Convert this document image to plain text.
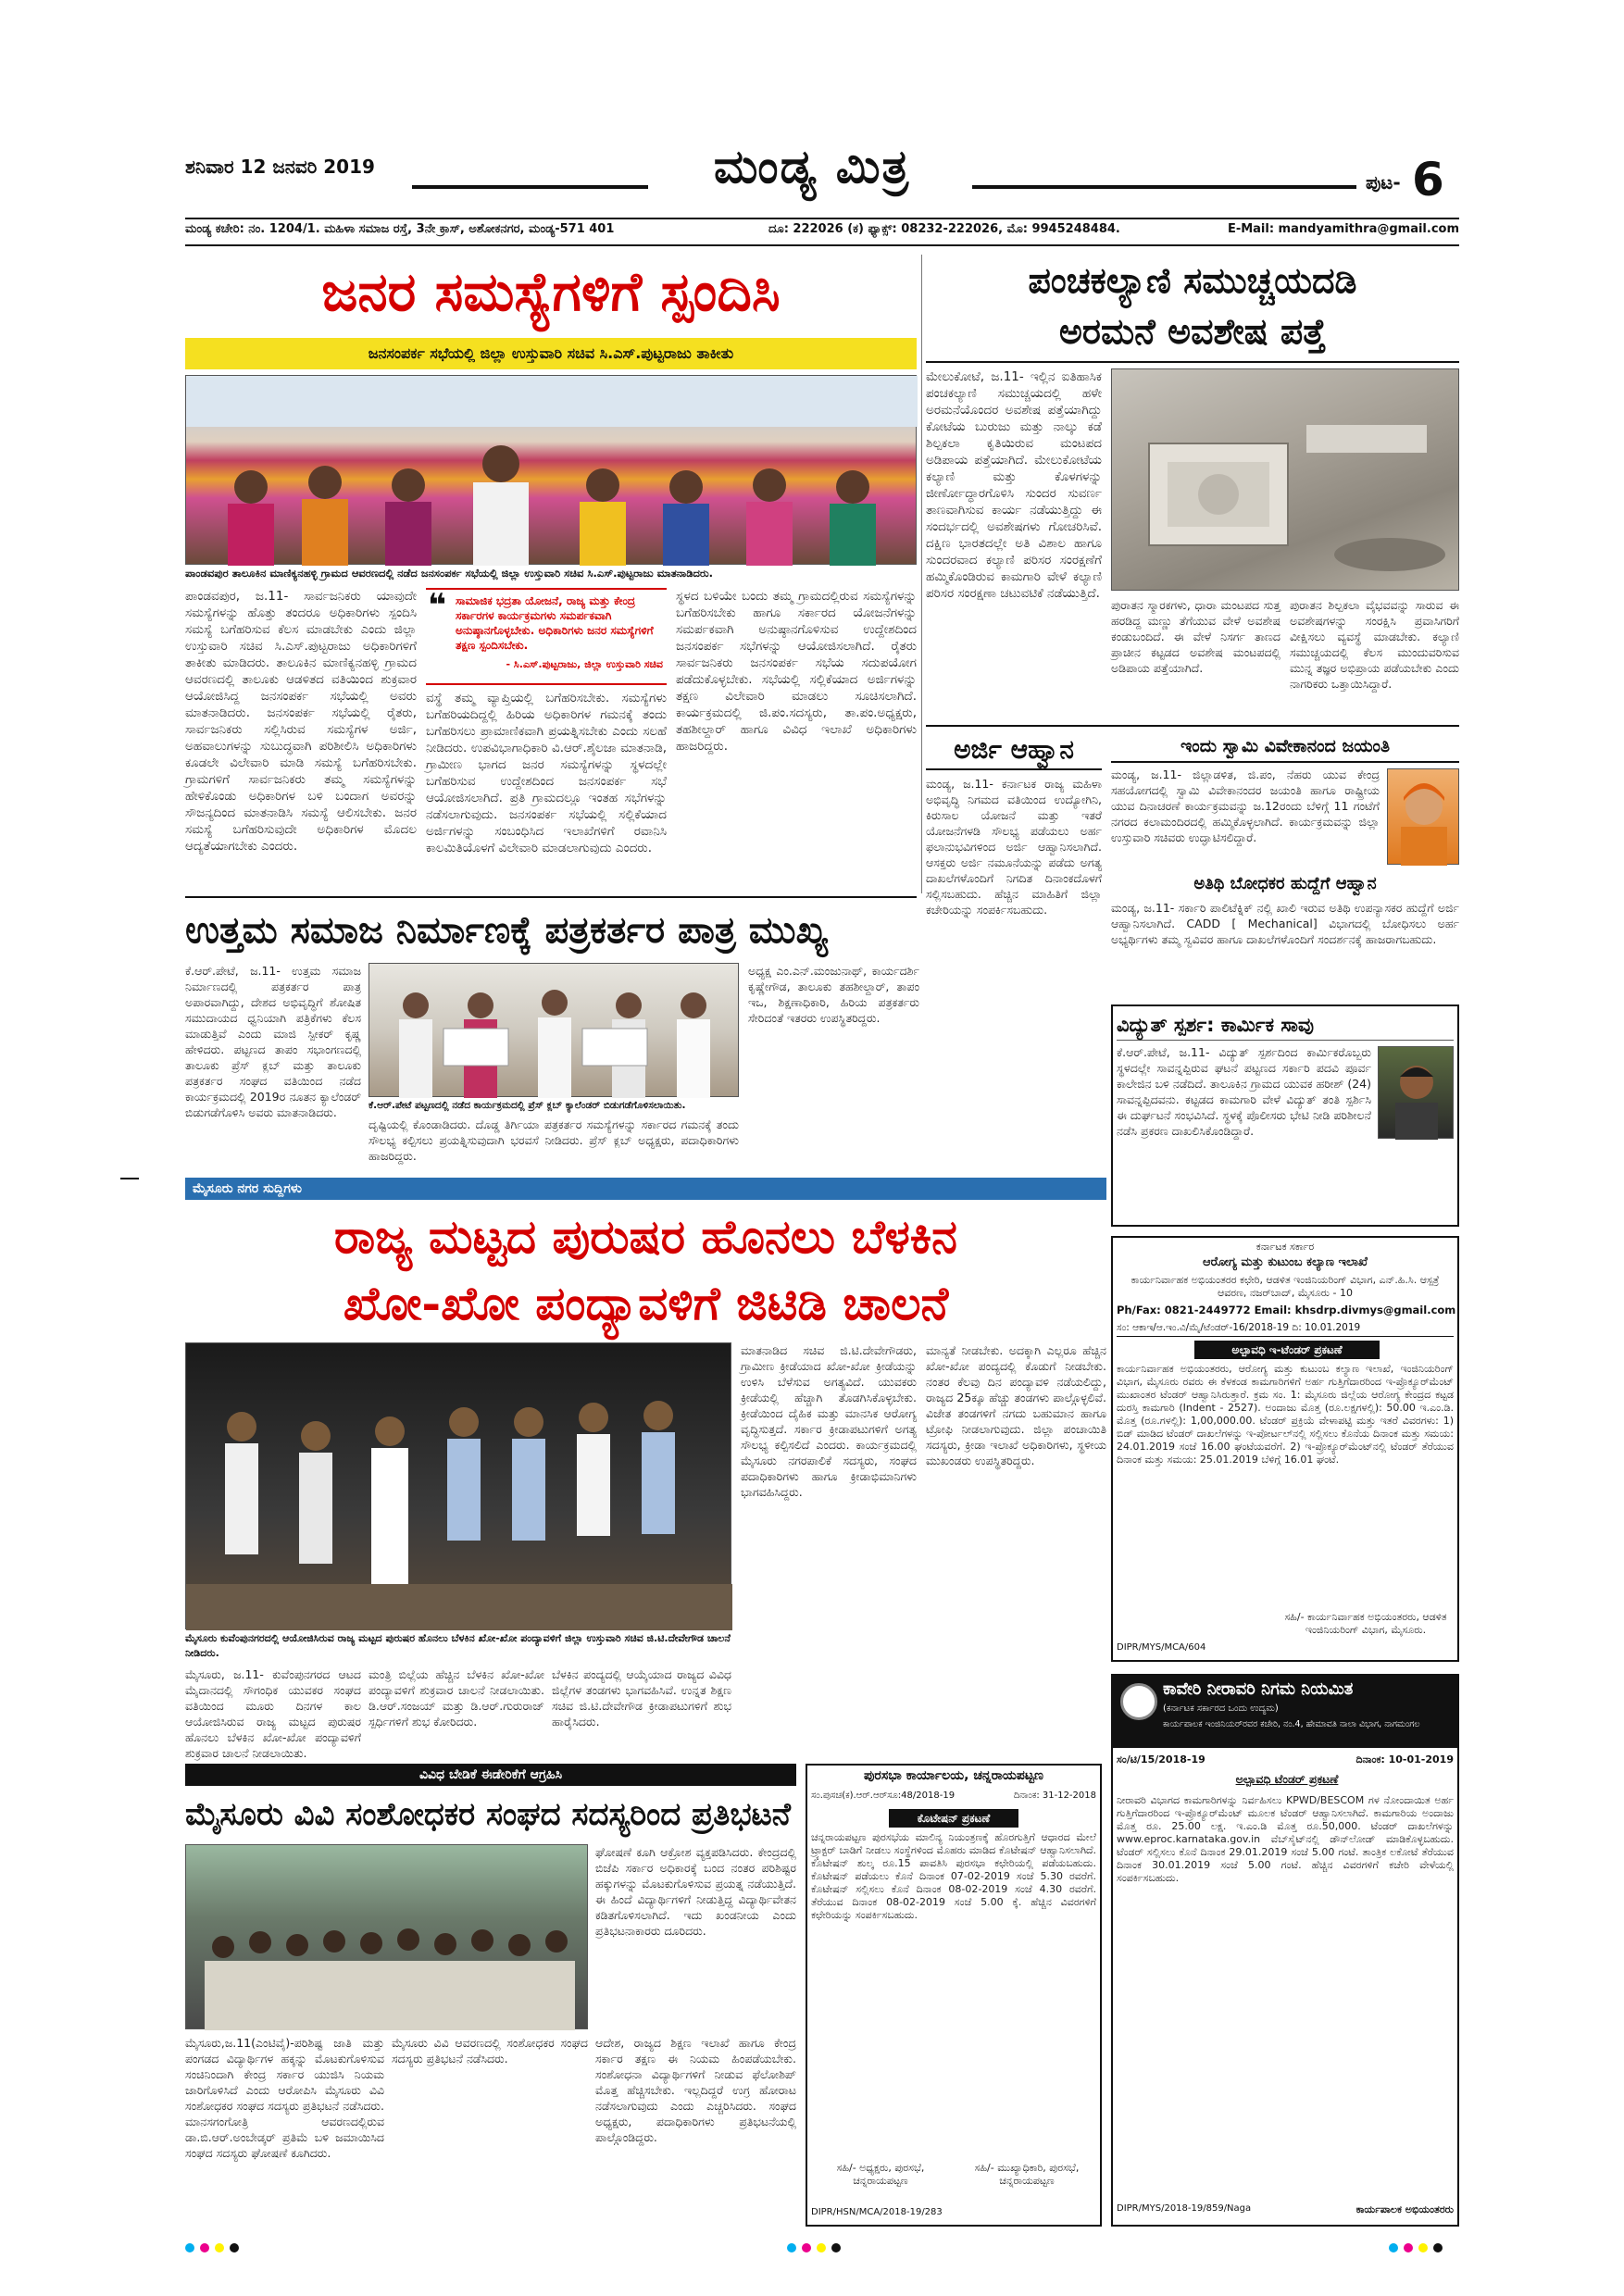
ಶನಿವಾರ 12 ಜನವರಿ 2019	ಮಂಡ್ಯ ಮಿತ್ರ	ಪುಟ- 6
ಮಂಡ್ಯ ಕಚೇರಿ: ನಂ. 1204/1. ಮಹಿಳಾ ಸಮಾಜ ರಸ್ತೆ, 3ನೇ ಕ್ರಾಸ್, ಅಶೋಕನಗರ, ಮಂಡ್ಯ-571 401	ದೂ: 222026 (ಕ) ಫ್ಯಾಕ್ಸ್: 08232-222026, ಮೊ: 9945248484.	E-Mail: mandyamithra@gmail.com
ಜನರ ಸಮಸ್ಯೆಗಳಿಗೆ ಸ್ಪಂದಿಸಿ
ಜನಸಂಪರ್ಕ ಸಭೆಯಲ್ಲಿ ಜಿಲ್ಲಾ ಉಸ್ತುವಾರಿ ಸಚಿವ ಸಿ.ಎಸ್.ಪುಟ್ಟರಾಜು ತಾಕೀತು
ಪಾಂಡವಪುರ ತಾಲೂಕಿನ ಮಾಣಿಕ್ಯನಹಳ್ಳಿ ಗ್ರಾಮದ ಆವರಣದಲ್ಲಿ ನಡೆದ ಜನಸಂಪರ್ಕ ಸಭೆಯಲ್ಲಿ ಜಿಲ್ಲಾ ಉಸ್ತುವಾರಿ ಸಚಿವ ಸಿ.ಎಸ್.ಪುಟ್ಟರಾಜು ಮಾತನಾಡಿದರು.
ಪಾಂಡವಪುರ, ಜ.11- ಸಾರ್ವಜನಿಕರು ಯಾವುದೇ ಸಮಸ್ಯೆಗಳನ್ನು ಹೊತ್ತು ತಂದರೂ ಅಧಿಕಾರಿಗಳು ಸ್ಪಂದಿಸಿ ಸಮಸ್ಯೆ ಬಗೆಹರಿಸುವ ಕೆಲಸ ಮಾಡಬೇಕು ಎಂದು ಜಿಲ್ಲಾ ಉಸ್ತುವಾರಿ ಸಚಿವ ಸಿ.ಎಸ್.ಪುಟ್ಟರಾಜು ಅಧಿಕಾರಿಗಳಿಗೆ ತಾಕೀತು ಮಾಡಿದರು. ತಾಲೂಕಿನ ಮಾಣಿಕ್ಯನಹಳ್ಳಿ ಗ್ರಾಮದ ಆವರಣದಲ್ಲಿ ತಾಲೂಕು ಆಡಳಿತದ ವತಿಯಿಂದ ಶುಕ್ರವಾರ ಆಯೋಜಿಸಿದ್ದ ಜನಸಂಪರ್ಕ ಸಭೆಯಲ್ಲಿ ಅವರು ಮಾತನಾಡಿದರು. ಜನಸಂಪರ್ಕ ಸಭೆಯಲ್ಲಿ ರೈತರು, ಸಾರ್ವಜನಿಕರು ಸಲ್ಲಿಸಿರುವ ಸಮಸ್ಯೆಗಳ ಅರ್ಜಿ, ಅಹವಾಲುಗಳನ್ನು ಸುಬುದ್ಧವಾಗಿ ಪರಿಶೀಲಿಸಿ ಅಧಿಕಾರಿಗಳು ಕೂಡಲೇ ವಿಲೇವಾರಿ ಮಾಡಿ ಸಮಸ್ಯೆ ಬಗೆಹರಿಸಬೇಕು. ಗ್ರಾಮಗಳಿಗೆ ಸಾರ್ವಜನಿಕರು ತಮ್ಮ ಸಮಸ್ಯೆಗಳನ್ನು ಹೇಳಿಕೊಂಡು ಅಧಿಕಾರಿಗಳ ಬಳಿ ಬಂದಾಗ ಅವರನ್ನು ಸೌಜನ್ಯದಿಂದ ಮಾತನಾಡಿಸಿ ಸಮಸ್ಯೆ ಆಲಿಸಬೇಕು. ಜನರ ಸಮಸ್ಯೆ ಬಗೆಹರಿಸುವುದೇ ಅಧಿಕಾರಿಗಳ ಮೊದಲ ಆದ್ಯತೆಯಾಗಬೇಕು ಎಂದರು.
❝ ಸಾಮಾಜಿಕ ಭದ್ರತಾ ಯೋಜನೆ, ರಾಜ್ಯ ಮತ್ತು ಕೇಂದ್ರ ಸರ್ಕಾರಗಳ ಕಾರ್ಯಕ್ರಮಗಳು ಸಮರ್ಪಕವಾಗಿ ಅನುಷ್ಠಾನಗೊಳ್ಳಬೇಕು. ಅಧಿಕಾರಿಗಳು ಜನರ ಸಮಸ್ಯೆಗಳಿಗೆ ತಕ್ಷಣ ಸ್ಪಂದಿಸಬೇಕು.
- ಸಿ.ಎಸ್.ಪುಟ್ಟರಾಜು, ಜಿಲ್ಲಾ ಉಸ್ತುವಾರಿ ಸಚಿವ
ವಸ್ಥೆ ತಮ್ಮ ವ್ಯಾಪ್ತಿಯಲ್ಲಿ ಬಗೆಹರಿಸಬೇಕು. ಸಮಸ್ಯೆಗಳು ಬಗೆಹರಿಯದಿದ್ದಲ್ಲಿ ಹಿರಿಯ ಅಧಿಕಾರಿಗಳ ಗಮನಕ್ಕೆ ತಂದು ಬಗೆಹರಿಸಲು ಪ್ರಾಮಾಣಿಕವಾಗಿ ಪ್ರಯತ್ನಿಸಬೇಕು ಎಂದು ಸಲಹೆ ನೀಡಿದರು. ಉಪವಿಭಾಗಾಧಿಕಾರಿ ವಿ.ಆರ್.ಶೈಲಜಾ ಮಾತನಾಡಿ, ಗ್ರಾಮೀಣ ಭಾಗದ ಜನರ ಸಮಸ್ಯೆಗಳನ್ನು ಸ್ಥಳದಲ್ಲೇ ಬಗೆಹರಿಸುವ ಉದ್ದೇಶದಿಂದ ಜನಸಂಪರ್ಕ ಸಭೆ ಆಯೋಜಿಸಲಾಗಿದೆ. ಪ್ರತಿ ಗ್ರಾಮದಲ್ಲೂ ಇಂತಹ ಸಭೆಗಳನ್ನು ನಡೆಸಲಾಗುವುದು. ಜನಸಂಪರ್ಕ ಸಭೆಯಲ್ಲಿ ಸಲ್ಲಿಕೆಯಾದ ಅರ್ಜಿಗಳನ್ನು ಸಂಬಂಧಿಸಿದ ಇಲಾಖೆಗಳಿಗೆ ರವಾನಿಸಿ ಕಾಲಮಿತಿಯೊಳಗೆ ವಿಲೇವಾರಿ ಮಾಡಲಾಗುವುದು ಎಂದರು.
ಸ್ಥಳದ ಬಳಿಯೇ ಬಂದು ತಮ್ಮ ಗ್ರಾಮದಲ್ಲಿರುವ ಸಮಸ್ಯೆಗಳನ್ನು ಬಗೆಹರಿಸಬೇಕು ಹಾಗೂ ಸರ್ಕಾರದ ಯೋಜನೆಗಳನ್ನು ಸಮರ್ಪಕವಾಗಿ ಅನುಷ್ಠಾನಗೊಳಿಸುವ ಉದ್ದೇಶದಿಂದ ಜನಸಂಪರ್ಕ ಸಭೆಗಳನ್ನು ಆಯೋಜಿಸಲಾಗಿದೆ. ರೈತರು ಸಾರ್ವಜನಿಕರು ಜನಸಂಪರ್ಕ ಸಭೆಯ ಸದುಪಯೋಗ ಪಡೆದುಕೊಳ್ಳಬೇಕು. ಸಭೆಯಲ್ಲಿ ಸಲ್ಲಿಕೆಯಾದ ಅರ್ಜಿಗಳನ್ನು ತಕ್ಷಣ ವಿಲೇವಾರಿ ಮಾಡಲು ಸೂಚಿಸಲಾಗಿದೆ. ಕಾರ್ಯಕ್ರಮದಲ್ಲಿ ಜಿ.ಪಂ.ಸದಸ್ಯರು, ತಾ.ಪಂ.ಅಧ್ಯಕ್ಷರು, ತಹಶೀಲ್ದಾರ್ ಹಾಗೂ ವಿವಿಧ ಇಲಾಖೆ ಅಧಿಕಾರಿಗಳು ಹಾಜರಿದ್ದರು.
ಪಂಚಕಲ್ಯಾಣಿ ಸಮುಚ್ಚಯದಡಿ
ಅರಮನೆ ಅವಶೇಷ ಪತ್ತೆ
ಮೇಲುಕೋಟೆ, ಜ.11- ಇಲ್ಲಿನ ಐತಿಹಾಸಿಕ ಪಂಚಕಲ್ಯಾಣಿ ಸಮುಚ್ಚಯದಲ್ಲಿ ಹಳೇ ಅರಮನೆಯೊಂದರ ಅವಶೇಷ ಪತ್ತೆಯಾಗಿದ್ದು ಕೋಟೆಯ ಬುರುಜು ಮತ್ತು ನಾಲ್ಕು ಕಡೆ ಶಿಲ್ಪಕಲಾ ಕೃತಿಯಿರುವ ಮಂಟಪದ ಅಡಿಪಾಯ ಪತ್ತೆಯಾಗಿದೆ. ಮೇಲುಕೋಟೆಯ ಕಲ್ಯಾಣಿ ಮತ್ತು ಕೊಳಗಳನ್ನು ಜೀರ್ಣೋದ್ಧಾರಗೊಳಿಸಿ ಸುಂದರ ಸುವರ್ಣ ತಾಣವಾಗಿಸುವ ಕಾರ್ಯ ನಡೆಯುತ್ತಿದ್ದು ಈ ಸಂದರ್ಭದಲ್ಲಿ ಅವಶೇಷಗಳು ಗೋಚರಿಸಿವೆ. ದಕ್ಷಿಣ ಭಾರತದಲ್ಲೇ ಅತಿ ವಿಶಾಲ ಹಾಗೂ ಸುಂದರವಾದ ಕಲ್ಯಾಣಿ ಪರಿಸರ ಸಂರಕ್ಷಣೆಗೆ ಹಮ್ಮಿಕೊಂಡಿರುವ ಕಾಮಗಾರಿ ವೇಳೆ ಕಲ್ಯಾಣಿ ಪರಿಸರ ಸಂರಕ್ಷಣಾ ಚಟುವಟಿಕೆ ನಡೆಯುತ್ತಿದೆ.
ಪುರಾತನ ಸ್ಮಾರಕಗಳು, ಧಾರಾ ಮಂಟಪದ ಸುತ್ತ ಹರಡಿದ್ದ ಮಣ್ಣು ತೆಗೆಯುವ ವೇಳೆ ಅವಶೇಷ ಕಂಡುಬಂದಿದೆ. ಈ ವೇಳೆ ನಿಸರ್ಗ ತಾಣದ ಪ್ರಾಚೀನ ಕಟ್ಟಡದ ಅವಶೇಷ ಮಂಟಪದಲ್ಲಿ ಅಡಿಪಾಯ ಪತ್ತೆಯಾಗಿದೆ.
ಪುರಾತನ ಶಿಲ್ಪಕಲಾ ವೈಭವವನ್ನು ಸಾರುವ ಈ ಅವಶೇಷಗಳನ್ನು ಸಂರಕ್ಷಿಸಿ ಪ್ರವಾಸಿಗರಿಗೆ ವೀಕ್ಷಿಸಲು ವ್ಯವಸ್ಥೆ ಮಾಡಬೇಕು. ಕಲ್ಯಾಣಿ ಸಮುಚ್ಚಯದಲ್ಲಿ ಕೆಲಸ ಮುಂದುವರಿಸುವ ಮುನ್ನ ತಜ್ಞರ ಅಭಿಪ್ರಾಯ ಪಡೆಯಬೇಕು ಎಂದು ನಾಗರಿಕರು ಒತ್ತಾಯಿಸಿದ್ದಾರೆ.
ಅರ್ಜಿ ಆಹ್ವಾನ
ಮಂಡ್ಯ, ಜ.11- ಕರ್ನಾಟಕ ರಾಜ್ಯ ಮಹಿಳಾ ಅಭಿವೃದ್ಧಿ ನಿಗಮದ ವತಿಯಿಂದ ಉದ್ಯೋಗಿನಿ, ಕಿರುಸಾಲ ಯೋಜನೆ ಮತ್ತು ಇತರೆ ಯೋಜನೆಗಳಡಿ ಸೌಲಭ್ಯ ಪಡೆಯಲು ಅರ್ಹ ಫಲಾನುಭವಿಗಳಿಂದ ಅರ್ಜಿ ಆಹ್ವಾನಿಸಲಾಗಿದೆ. ಆಸಕ್ತರು ಅರ್ಜಿ ನಮೂನೆಯನ್ನು ಪಡೆದು ಅಗತ್ಯ ದಾಖಲೆಗಳೊಂದಿಗೆ ನಿಗದಿತ ದಿನಾಂಕದೊಳಗೆ ಸಲ್ಲಿಸಬಹುದು. ಹೆಚ್ಚಿನ ಮಾಹಿತಿಗೆ ಜಿಲ್ಲಾ ಕಚೇರಿಯನ್ನು ಸಂಪರ್ಕಿಸಬಹುದು.
ಇಂದು ಸ್ವಾಮಿ ವಿವೇಕಾನಂದ ಜಯಂತಿ
ಮಂಡ್ಯ, ಜ.11- ಜಿಲ್ಲಾಡಳಿತ, ಜಿ.ಪಂ, ನೆಹರು ಯುವ ಕೇಂದ್ರ ಸಹಯೋಗದಲ್ಲಿ ಸ್ವಾಮಿ ವಿವೇಕಾನಂದರ ಜಯಂತಿ ಹಾಗೂ ರಾಷ್ಟ್ರೀಯ ಯುವ ದಿನಾಚರಣೆ ಕಾರ್ಯಕ್ರಮವನ್ನು ಜ.12ರಂದು ಬೆಳಿಗ್ಗೆ 11 ಗಂಟೆಗೆ ನಗರದ ಕಲಾಮಂದಿರದಲ್ಲಿ ಹಮ್ಮಿಕೊಳ್ಳಲಾಗಿದೆ. ಕಾರ್ಯಕ್ರಮವನ್ನು ಜಿಲ್ಲಾ ಉಸ್ತುವಾರಿ ಸಚಿವರು ಉದ್ಘಾಟಿಸಲಿದ್ದಾರೆ.
ಅತಿಥಿ ಬೋಧಕರ ಹುದ್ದೆಗೆ ಆಹ್ವಾನ
ಮಂಡ್ಯ, ಜ.11- ಸರ್ಕಾರಿ ಪಾಲಿಟೆಕ್ನಿಕ್ ನಲ್ಲಿ ಖಾಲಿ ಇರುವ ಅತಿಥಿ ಉಪನ್ಯಾಸಕರ ಹುದ್ದೆಗೆ ಅರ್ಜಿ ಆಹ್ವಾನಿಸಲಾಗಿದೆ. CADD [ Mechanical] ವಿಭಾಗದಲ್ಲಿ ಬೋಧಿಸಲು ಅರ್ಹ ಅಭ್ಯರ್ಥಿಗಳು ತಮ್ಮ ಸ್ವವಿವರ ಹಾಗೂ ದಾಖಲೆಗಳೊಂದಿಗೆ ಸಂದರ್ಶನಕ್ಕೆ ಹಾಜರಾಗಬಹುದು.
ಉತ್ತಮ ಸಮಾಜ ನಿರ್ಮಾಣಕ್ಕೆ ಪತ್ರಕರ್ತರ ಪಾತ್ರ ಮುಖ್ಯ
ಕೆ.ಆರ್.ಪೇಟೆ, ಜ.11- ಉತ್ತಮ ಸಮಾಜ ನಿರ್ಮಾಣದಲ್ಲಿ ಪತ್ರಕರ್ತರ ಪಾತ್ರ ಅಪಾರವಾಗಿದ್ದು, ದೇಶದ ಅಭಿವೃದ್ಧಿಗೆ ಶೋಷಿತ ಸಮುದಾಯದ ಧ್ವನಿಯಾಗಿ ಪತ್ರಿಕೆಗಳು ಕೆಲಸ ಮಾಡುತ್ತಿವೆ ಎಂದು ಮಾಜಿ ಸ್ಪೀಕರ್ ಕೃಷ್ಣ ಹೇಳಿದರು. ಪಟ್ಟಣದ ತಾಪಂ ಸಭಾಂಗಣದಲ್ಲಿ ತಾಲೂಕು ಪ್ರೆಸ್ ಕ್ಲಬ್ ಮತ್ತು ತಾಲೂಕು ಪತ್ರಕರ್ತರ ಸಂಘದ ವತಿಯಿಂದ ನಡೆದ ಕಾರ್ಯಕ್ರಮದಲ್ಲಿ 2019ರ ನೂತನ ಕ್ಯಾಲೆಂಡರ್ ಬಿಡುಗಡೆಗೊಳಿಸಿ ಅವರು ಮಾತನಾಡಿದರು.	ಕೆ.ಆರ್.ಪೇಟೆ ಪಟ್ಟಣದಲ್ಲಿ ನಡೆದ ಕಾರ್ಯಕ್ರಮದಲ್ಲಿ ಪ್ರೆಸ್ ಕ್ಲಬ್ ಕ್ಯಾಲೆಂಡರ್ ಬಿಡುಗಡೆಗೊಳಿಸಲಾಯಿತು.
ದೃಷ್ಟಿಯಲ್ಲಿ ಕೊಂಡಾಡಿದರು. ದೊಡ್ಡ ತಿರ್ಗಿಯಾ ಪತ್ರಕರ್ತರ ಸಮಸ್ಯೆಗಳನ್ನು ಸರ್ಕಾರದ ಗಮನಕ್ಕೆ ತಂದು ಸೌಲಭ್ಯ ಕಲ್ಪಿಸಲು ಪ್ರಯತ್ನಿಸುವುದಾಗಿ ಭರವಸೆ ನೀಡಿದರು. ಪ್ರೆಸ್ ಕ್ಲಬ್ ಅಧ್ಯಕ್ಷರು, ಪದಾಧಿಕಾರಿಗಳು ಹಾಜರಿದ್ದರು.
ಅಧ್ಯಕ್ಷ ಎಂ.ಎನ್.ಮಂಜುನಾಥ್, ಕಾರ್ಯದರ್ಶಿ ಕೃಷ್ಣೇಗೌಡ, ತಾಲೂಕು ತಹಶೀಲ್ದಾರ್, ತಾಪಂ ಇಒ, ಶಿಕ್ಷಣಾಧಿಕಾರಿ, ಹಿರಿಯ ಪತ್ರಕರ್ತರು ಸೇರಿದಂತೆ ಇತರರು ಉಪಸ್ಥಿತರಿದ್ದರು.	ವಿದ್ಯುತ್ ಸ್ಪರ್ಶ: ಕಾರ್ಮಿಕ ಸಾವು
ಕೆ.ಆರ್.ಪೇಟೆ, ಜ.11- ವಿದ್ಯುತ್ ಸ್ಪರ್ಶದಿಂದ ಕಾರ್ಮಿಕರೊಬ್ಬರು ಸ್ಥಳದಲ್ಲೇ ಸಾವನ್ನಪ್ಪಿರುವ ಘಟನೆ ಪಟ್ಟಣದ ಸರ್ಕಾರಿ ಪದವಿ ಪೂರ್ವ ಕಾಲೇಜಿನ ಬಳಿ ನಡೆದಿದೆ. ತಾಲೂಕಿನ ಗ್ರಾಮದ ಯುವಕ ಹರೀಶ್ (24) ಸಾವನ್ನಪ್ಪಿದವನು. ಕಟ್ಟಡದ ಕಾಮಗಾರಿ ವೇಳೆ ವಿದ್ಯುತ್ ತಂತಿ ಸ್ಪರ್ಶಿಸಿ ಈ ದುರ್ಘಟನೆ ಸಂಭವಿಸಿದೆ. ಸ್ಥಳಕ್ಕೆ ಪೊಲೀಸರು ಭೇಟಿ ನೀಡಿ ಪರಿಶೀಲನೆ ನಡೆಸಿ ಪ್ರಕರಣ ದಾಖಲಿಸಿಕೊಂಡಿದ್ದಾರೆ.
ಮೈಸೂರು ನಗರ ಸುದ್ದಿಗಳು
ರಾಜ್ಯ ಮಟ್ಟದ ಪುರುಷರ ಹೊನಲು ಬೆಳಕಿನ
ಖೋ-ಖೋ ಪಂದ್ಯಾವಳಿಗೆ ಜಿಟಿಡಿ ಚಾಲನೆ
ಮೈಸೂರು ಕುವೆಂಪುನಗರದಲ್ಲಿ ಆಯೋಜಿಸಿರುವ ರಾಜ್ಯ ಮಟ್ಟದ ಪುರುಷರ ಹೊನಲು ಬೆಳಕಿನ ಖೋ-ಖೋ ಪಂದ್ಯಾವಳಿಗೆ ಜಿಲ್ಲಾ ಉಸ್ತುವಾರಿ ಸಚಿವ ಜಿ.ಟಿ.ದೇವೇಗೌಡ ಚಾಲನೆ ನೀಡಿದರು.
ಮೈಸೂರು, ಜ.11- ಕುವೆಂಪುನಗರದ ಆಟದ ಮೈದಾನದಲ್ಲಿ ಸೌಗಂಧಿಕ ಯುವಕರ ಸಂಘದ ವತಿಯಿಂದ ಮೂರು ದಿನಗಳ ಕಾಲ ಆಯೋಜಿಸಿರುವ ರಾಜ್ಯ ಮಟ್ಟದ ಪುರುಷರ ಹೊನಲು ಬೆಳಕಿನ ಖೋ-ಖೋ ಪಂದ್ಯಾವಳಿಗೆ ಶುಕ್ರವಾರ ಚಾಲನೆ ನೀಡಲಾಯಿತು.
ಮಂತ್ರಿ ಬಿಲ್ಲೆಯ ಹೆಚ್ಚಿನ ಬೆಳಕಿನ ಖೋ-ಖೋ ಪಂದ್ಯಾವಳಿಗೆ ಶುಕ್ರವಾರ ಚಾಲನೆ ನೀಡಲಾಯಿತು. ಡಿ.ಆರ್.ಸಂಜಯ್ ಮತ್ತು ಡಿ.ಆರ್.ಗುರುರಾಜ್ ಸ್ಪರ್ಧಿಗಳಿಗೆ ಶುಭ ಕೋರಿದರು.
ಬೆಳಕಿನ ಪಂದ್ಯದಲ್ಲಿ ಆಯ್ಕೆಯಾದ ರಾಜ್ಯದ ವಿವಿಧ ಜಿಲ್ಲೆಗಳ ತಂಡಗಳು ಭಾಗವಹಿಸಿವೆ. ಉನ್ನತ ಶಿಕ್ಷಣ ಸಚಿವ ಜಿ.ಟಿ.ದೇವೇಗೌಡ ಕ್ರೀಡಾಪಟುಗಳಿಗೆ ಶುಭ ಹಾರೈಸಿದರು.
ಮಾತನಾಡಿದ ಸಚಿವ ಜಿ.ಟಿ.ದೇವೇಗೌಡರು, ಗ್ರಾಮೀಣ ಕ್ರೀಡೆಯಾದ ಖೋ-ಖೋ ಕ್ರೀಡೆಯನ್ನು ಉಳಿಸಿ ಬೆಳೆಸುವ ಅಗತ್ಯವಿದೆ. ಯುವಕರು ಕ್ರೀಡೆಯಲ್ಲಿ ಹೆಚ್ಚಾಗಿ ತೊಡಗಿಸಿಕೊಳ್ಳಬೇಕು. ಕ್ರೀಡೆಯಿಂದ ದೈಹಿಕ ಮತ್ತು ಮಾನಸಿಕ ಆರೋಗ್ಯ ವೃದ್ಧಿಸುತ್ತದೆ. ಸರ್ಕಾರ ಕ್ರೀಡಾಪಟುಗಳಿಗೆ ಅಗತ್ಯ ಸೌಲಭ್ಯ ಕಲ್ಪಿಸಲಿದೆ ಎಂದರು. ಕಾರ್ಯಕ್ರಮದಲ್ಲಿ ಮೈಸೂರು ನಗರಪಾಲಿಕೆ ಸದಸ್ಯರು, ಸಂಘದ ಪದಾಧಿಕಾರಿಗಳು ಹಾಗೂ ಕ್ರೀಡಾಭಿಮಾನಿಗಳು ಭಾಗವಹಿಸಿದ್ದರು.
ಮಾನ್ಯತೆ ನೀಡಬೇಕು. ಅದಕ್ಕಾಗಿ ಎಲ್ಲರೂ ಹೆಚ್ಚಿನ ಖೋ-ಖೋ ಪಂದ್ಯದಲ್ಲಿ ಕೊಡುಗೆ ನೀಡಬೇಕು. ನಂತರ ಕೆಲವು ದಿನ ಪಂದ್ಯಾವಳಿ ನಡೆಯಲಿದ್ದು, ರಾಜ್ಯದ 25ಕ್ಕೂ ಹೆಚ್ಚು ತಂಡಗಳು ಪಾಲ್ಗೊಳ್ಳಲಿವೆ. ವಿಜೇತ ತಂಡಗಳಿಗೆ ನಗದು ಬಹುಮಾನ ಹಾಗೂ ಟ್ರೋಫಿ ನೀಡಲಾಗುವುದು. ಜಿಲ್ಲಾ ಪಂಚಾಯಿತಿ ಸದಸ್ಯರು, ಕ್ರೀಡಾ ಇಲಾಖೆ ಅಧಿಕಾರಿಗಳು, ಸ್ಥಳೀಯ ಮುಖಂಡರು ಉಪಸ್ಥಿತರಿದ್ದರು.
ವಿವಿಧ ಬೇಡಿಕೆ ಈಡೇರಿಕೆಗೆ ಆಗ್ರಹಿಸಿ
ಮೈಸೂರು ವಿವಿ ಸಂಶೋಧಕರ ಸಂಘದ ಸದಸ್ಯರಿಂದ ಪ್ರತಿಭಟನೆ
ಘೋಷಣೆ ಕೂಗಿ ಆಕ್ರೋಶ ವ್ಯಕ್ತಪಡಿಸಿದರು. ಕೇಂದ್ರದಲ್ಲಿ ಬಿಜೆಪಿ ಸರ್ಕಾರ ಅಧಿಕಾರಕ್ಕೆ ಬಂದ ನಂತರ ಪರಿಶಿಷ್ಟರ ಹಕ್ಕುಗಳನ್ನು ಮೊಟಕುಗೊಳಿಸುವ ಪ್ರಯತ್ನ ನಡೆಯುತ್ತಿದೆ. ಈ ಹಿಂದೆ ವಿದ್ಯಾರ್ಥಿಗಳಿಗೆ ನೀಡುತ್ತಿದ್ದ ವಿದ್ಯಾರ್ಥಿವೇತನ ಕಡಿತಗೊಳಿಸಲಾಗಿದೆ. ಇದು ಖಂಡನೀಯ ಎಂದು ಪ್ರತಿಭಟನಾಕಾರರು ದೂರಿದರು.
ಮೈಸೂರು,ಜ.11(ಎಂಟಿವೈ)-ಪರಿಶಿಷ್ಟ ಜಾತಿ ಮತ್ತು ಪಂಗಡದ ವಿದ್ಯಾರ್ಥಿಗಳ ಹಕ್ಕನ್ನು ಮೊಟಕುಗೊಳಿಸುವ ಸಂಚಿನಿಂದಾಗಿ ಕೇಂದ್ರ ಸರ್ಕಾರ ಯುಜಿಸಿ ನಿಯಮ ಜಾರಿಗೊಳಿಸಿದೆ ಎಂದು ಆರೋಪಿಸಿ ಮೈಸೂರು ವಿವಿ ಸಂಶೋಧಕರ ಸಂಘದ ಸದಸ್ಯರು ಪ್ರತಿಭಟನೆ ನಡೆಸಿದರು. ಮಾನಸಗಂಗೋತ್ರಿ ಆವರಣದಲ್ಲಿರುವ ಡಾ.ಬಿ.ಆರ್.ಅಂಬೇಡ್ಕರ್ ಪ್ರತಿಮೆ ಬಳಿ ಜಮಾಯಿಸಿದ ಸಂಘದ ಸದಸ್ಯರು ಘೋಷಣೆ ಕೂಗಿದರು.
ಮೈಸೂರು ವಿವಿ ಆವರಣದಲ್ಲಿ ಸಂಶೋಧಕರ ಸಂಘದ ಸದಸ್ಯರು ಪ್ರತಿಭಟನೆ ನಡೆಸಿದರು.
ಆದೇಶ, ರಾಜ್ಯದ ಶಿಕ್ಷಣ ಇಲಾಖೆ ಹಾಗೂ ಕೇಂದ್ರ ಸರ್ಕಾರ ತಕ್ಷಣ ಈ ನಿಯಮ ಹಿಂಪಡೆಯಬೇಕು. ಸಂಶೋಧನಾ ವಿದ್ಯಾರ್ಥಿಗಳಿಗೆ ನೀಡುವ ಫೆಲೋಶಿಪ್ ಮೊತ್ತ ಹೆಚ್ಚಿಸಬೇಕು. ಇಲ್ಲದಿದ್ದರೆ ಉಗ್ರ ಹೋರಾಟ ನಡೆಸಲಾಗುವುದು ಎಂದು ಎಚ್ಚರಿಸಿದರು. ಸಂಘದ ಅಧ್ಯಕ್ಷರು, ಪದಾಧಿಕಾರಿಗಳು ಪ್ರತಿಭಟನೆಯಲ್ಲಿ ಪಾಲ್ಗೊಂಡಿದ್ದರು.
ಕರ್ನಾಟಕ ಸರ್ಕಾರ
ಆರೋಗ್ಯ ಮತ್ತು ಕುಟುಂಬ ಕಲ್ಯಾಣ ಇಲಾಖೆ
ಕಾರ್ಯನಿರ್ವಾಹಕ ಅಭಿಯಂತರರ ಕಛೇರಿ, ಆಡಳಿತ ಇಂಜಿನಿಯರಿಂಗ್ ವಿಭಾಗ, ಎನ್.ಹಿ.ಸಿ. ಆಸ್ಪತ್ರೆ ಆವರಣ, ನಜರ್‌ಬಾದ್, ಮೈಸೂರು - 10
Ph/Fax: 0821-2449772 Email: khsdrp.divmys@gmail.com
ಸಂ: ಆಕಾಇ/ಆ.ಇಂ.ವಿ/ಮೈ/ಟೆಂಡರ್-16/2018-19 ದಿ: 10.01.2019
ಅಲ್ಪಾವಧಿ ಇ-ಟೆಂಡರ್ ಪ್ರಕಟಣೆ
ಕಾರ್ಯನಿರ್ವಾಹಕ ಅಭಿಯಂತರರು, ಆರೋಗ್ಯ ಮತ್ತು ಕುಟುಂಬ ಕಲ್ಯಾಣ ಇಲಾಖೆ, ಇಂಜಿನಿಯರಿಂಗ್ ವಿಭಾಗ, ಮೈಸೂರು ರವರು ಈ ಕೆಳಕಂಡ ಕಾಮಗಾರಿಗಳಿಗೆ ಅರ್ಹ ಗುತ್ತಿಗೆದಾರರಿಂದ ಇ-ಪ್ರೊಕ್ಯೂರ್‌ಮೆಂಟ್ ಮುಖಾಂತರ ಟೆಂಡರ್ ಆಹ್ವಾನಿಸಿರುತ್ತಾರೆ. ಕ್ರಮ ಸಂ. 1: ಮೈಸೂರು ಜಿಲ್ಲೆಯ ಆರೋಗ್ಯ ಕೇಂದ್ರದ ಕಟ್ಟಡ ದುರಸ್ತಿ ಕಾಮಗಾರಿ (Indent - 2527). ಅಂದಾಜು ಮೊತ್ತ (ರೂ.ಲಕ್ಷಗಳಲ್ಲಿ): 50.00 ಇ.ಎಂ.ಡಿ. ಮೊತ್ತ (ರೂ.ಗಳಲ್ಲಿ): 1,00,000.00. ಟೆಂಡರ್ ಪ್ರಕ್ರಿಯೆ ವೇಳಾಪಟ್ಟಿ ಮತ್ತು ಇತರೆ ವಿವರಗಳು: 1) ಬಿಡ್ ಮಾಡಿದ ಟೆಂಡರ್ ದಾಖಲೆಗಳನ್ನು ಇ-ಪೋರ್ಟಲ್‌ನಲ್ಲಿ ಸಲ್ಲಿಸಲು ಕೊನೆಯ ದಿನಾಂಕ ಮತ್ತು ಸಮಯ: 24.01.2019 ಸಂಜೆ 16.00 ಘಂಟೆಯವರೆಗೆ. 2) ಇ-ಪ್ರೊಕ್ಯೂರ್‌ಮೆಂಟ್‌ನಲ್ಲಿ ಟೆಂಡರ್ ತೆರೆಯುವ ದಿನಾಂಕ ಮತ್ತು ಸಮಯ: 25.01.2019 ಬೆಳಿಗ್ಗೆ 16.01 ಘಂಟೆ.
ಸಹಿ/- ಕಾರ್ಯನಿರ್ವಾಹಕ ಅಭಿಯಂತರರು, ಆಡಳಿತ ಇಂಜಿನಿಯರಿಂಗ್ ವಿಭಾಗ, ಮೈಸೂರು.
DIPR/MYS/MCA/604
ಪುರಸಭಾ ಕಾರ್ಯಾಲಯ, ಚನ್ನರಾಯಪಟ್ಟಣ
ಸಂ.ಪುಸಚ(ಕ).ಆರ್.ಆರ್‌ಸೂ:48/2018-19	ದಿನಾಂಕ: 31-12-2018
ಕೊಟೇಷನ್ ಪ್ರಕಟಣೆ
ಚನ್ನರಾಯಪಟ್ಟಣ ಪುರಸಭೆಯ ಮಾಲಿನ್ಯ ನಿಯಂತ್ರಣಕ್ಕೆ ಹೊರಗುತ್ತಿಗೆ ಆಧಾರದ ಮೇಲೆ ಟ್ರ್ಯಾಕ್ಟರ್ ಬಾಡಿಗೆ ನೀಡಲು ಸಂಸ್ಥೆಗಳಿಂದ ಮೊಹರು ಮಾಡಿದ ಕೊಟೇಷನ್ ಆಹ್ವಾನಿಸಲಾಗಿದೆ. ಕೊಟೇಷನ್ ಶುಲ್ಕ ರೂ.15 ಪಾವತಿಸಿ ಪುರಸಭಾ ಕಛೇರಿಯಲ್ಲಿ ಪಡೆಯಬಹುದು. ಕೊಟೇಷನ್ ಪಡೆಯಲು ಕೊನೆ ದಿನಾಂಕ 07-02-2019 ಸಂಜೆ 5.30 ರವರೆಗೆ. ಕೊಟೇಷನ್ ಸಲ್ಲಿಸಲು ಕೊನೆ ದಿನಾಂಕ 08-02-2019 ಸಂಜೆ 4.30 ರವರೆಗೆ. ತೆರೆಯುವ ದಿನಾಂಕ 08-02-2019 ಸಂಜೆ 5.00 ಕ್ಕೆ. ಹೆಚ್ಚಿನ ವಿವರಗಳಿಗೆ ಕಛೇರಿಯನ್ನು ಸಂಪರ್ಕಿಸಬಹುದು.
ಸಹಿ/- ಅಧ್ಯಕ್ಷರು, ಪುರಸಭೆ, ಚನ್ನರಾಯಪಟ್ಟಣ
ಸಹಿ/- ಮುಖ್ಯಾಧಿಕಾರಿ, ಪುರಸಭೆ, ಚನ್ನರಾಯಪಟ್ಟಣ
DIPR/HSN/MCA/2018-19/283
ಕಾವೇರಿ ನೀರಾವರಿ ನಿಗಮ ನಿಯಮಿತ
(ಕರ್ನಾಟಕ ಸರ್ಕಾರದ ಒಂದು ಉದ್ಯಮ)
ಕಾರ್ಯಪಾಲಕ ಇಂಜಿನಿಯರ್‌ರವರ ಕಚೇರಿ, ನಂ.4, ಹೇಮಾವತಿ ನಾಲಾ ವಿಭಾಗ, ನಾಗಮಂಗಲ
ಸಂ/ಟಿ/15/2018-19	ದಿನಾಂಕ: 10-01-2019
ಅಲ್ಪಾವಧಿ ಟೆಂಡರ್ ಪ್ರಕಟಣೆ
ನೀರಾವರಿ ವಿಭಾಗದ ಕಾಮಗಾರಿಗಳನ್ನು ನಿರ್ವಹಿಸಲು KPWD/BESCOM ಗಳ ನೋಂದಾಯಿತ ಅರ್ಹ ಗುತ್ತಿಗೆದಾರರಿಂದ ಇ-ಪ್ರೊಕ್ಯೂರ್‌ಮೆಂಟ್ ಮೂಲಕ ಟೆಂಡರ್ ಆಹ್ವಾನಿಸಲಾಗಿದೆ. ಕಾಮಗಾರಿಯ ಅಂದಾಜು ಮೊತ್ತ ರೂ. 25.00 ಲಕ್ಷ. ಇ.ಎಂ.ಡಿ ಮೊತ್ತ ರೂ.50,000. ಟೆಂಡರ್ ದಾಖಲೆಗಳನ್ನು www.eproc.karnataka.gov.in ವೆಬ್‌ಸೈಟ್‌ನಲ್ಲಿ ಡೌನ್‌ಲೋಡ್ ಮಾಡಿಕೊಳ್ಳಬಹುದು. ಟೆಂಡರ್ ಸಲ್ಲಿಸಲು ಕೊನೆ ದಿನಾಂಕ 29.01.2019 ಸಂಜೆ 5.00 ಗಂಟೆ. ತಾಂತ್ರಿಕ ಲಕೋಟೆ ತೆರೆಯುವ ದಿನಾಂಕ 30.01.2019 ಸಂಜೆ 5.00 ಗಂಟೆ. ಹೆಚ್ಚಿನ ವಿವರಗಳಿಗೆ ಕಚೇರಿ ವೇಳೆಯಲ್ಲಿ ಸಂಪರ್ಕಿಸಬಹುದು.
DIPR/MYS/2018-19/859/Naga	ಕಾರ್ಯಪಾಲಕ ಅಭಿಯಂತರರು
